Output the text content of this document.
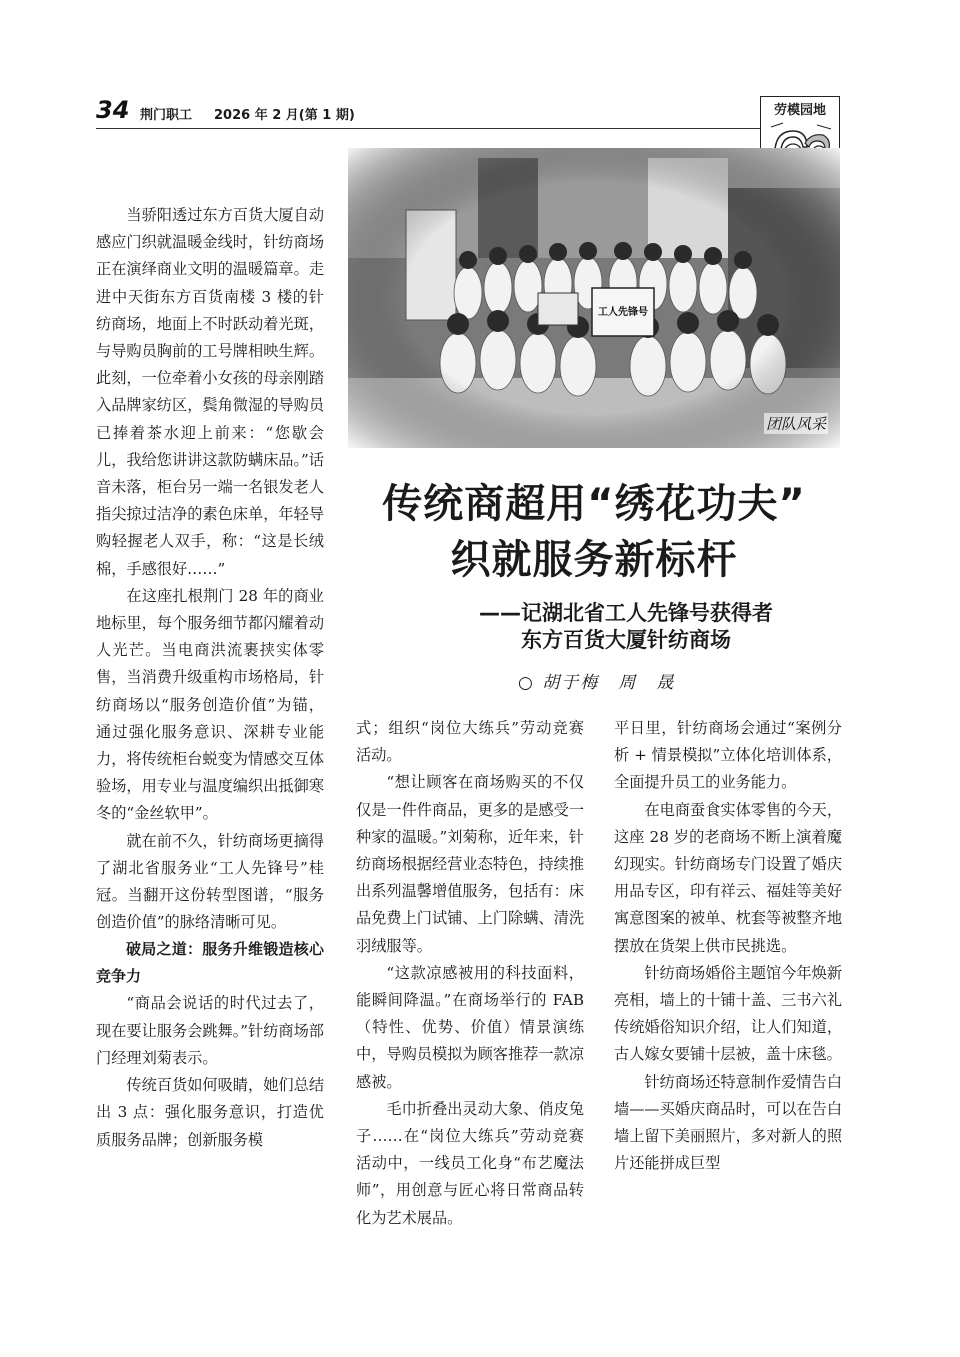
34 荆门职工 2026 年 2 月(第 1 期)	劳模园地
团队风采
传统商超用“绣花功夫”
织就服务新标杆
——记湖北省工人先锋号获得者
东方百货大厦针纺商场
○ 胡于梅　周　晟

当骄阳透过东方百货大厦自动感应门织就温暖金线时，针纺商场正在演绎商业文明的温暖篇章。走进中天街东方百货南楼 3 楼的针纺商场，地面上不时跃动着光斑，与导购员胸前的工号牌相映生辉。此刻，一位牵着小女孩的母亲刚踏入品牌家纺区，鬓角微湿的导购员已捧着茶水迎上前来：“您歇会儿，我给您讲讲这款防螨床品。”话音未落，柜台另一端一名银发老人指尖掠过洁净的素色床单，年轻导购轻握老人双手，称：“这是长绒棉，手感很好……”

在这座扎根荆门 28 年的商业地标里，每个服务细节都闪耀着动人光芒。当电商洪流裹挟实体零售，当消费升级重构市场格局，针纺商场以“服务创造价值”为锚，通过强化服务意识、深耕专业能力，将传统柜台蜕变为情感交互体验场，用专业与温度编织出抵御寒冬的“金丝软甲”。

就在前不久，针纺商场更摘得了湖北省服务业“工人先锋号”桂冠。当翻开这份转型图谱，“服务创造价值”的脉络清晰可见。

破局之道：服务升维锻造核心竞争力

“商品会说话的时代过去了，现在要让服务会跳舞。”针纺商场部门经理刘菊表示。

传统百货如何吸睛，她们总结出 3 点：强化服务意识，打造优质服务品牌；创新服务模

式；组织“岗位大练兵”劳动竞赛活动。

“想让顾客在商场购买的不仅仅是一件件商品，更多的是感受一种家的温暖。”刘菊称，近年来，针纺商场根据经营业态特色，持续推出系列温馨增值服务，包括有：床品免费上门试铺、上门除螨、清洗羽绒服等。

“这款凉感被用的科技面料，能瞬间降温。”在商场举行的 FAB（特性、优势、价值）情景演练中，导购员模拟为顾客推荐一款凉感被。

毛巾折叠出灵动大象、俏皮兔子……在“岗位大练兵”劳动竞赛活动中，一线员工化身“布艺魔法师”，用创意与匠心将日常商品转化为艺术展品。

平日里，针纺商场会通过“案例分析 + 情景模拟”立体化培训体系，全面提升员工的业务能力。

在电商蚕食实体零售的今天，这座 28 岁的老商场不断上演着魔幻现实。针纺商场专门设置了婚庆用品专区，印有祥云、福娃等美好寓意图案的被单、枕套等被整齐地摆放在货架上供市民挑选。

针纺商场婚俗主题馆今年焕新亮相，墙上的十铺十盖、三书六礼传统婚俗知识介绍，让人们知道，古人嫁女要铺十层被，盖十床毯。

针纺商场还特意制作爱情告白墙——买婚庆商品时，可以在告白墙上留下美丽照片，多对新人的照片还能拼成巨型
